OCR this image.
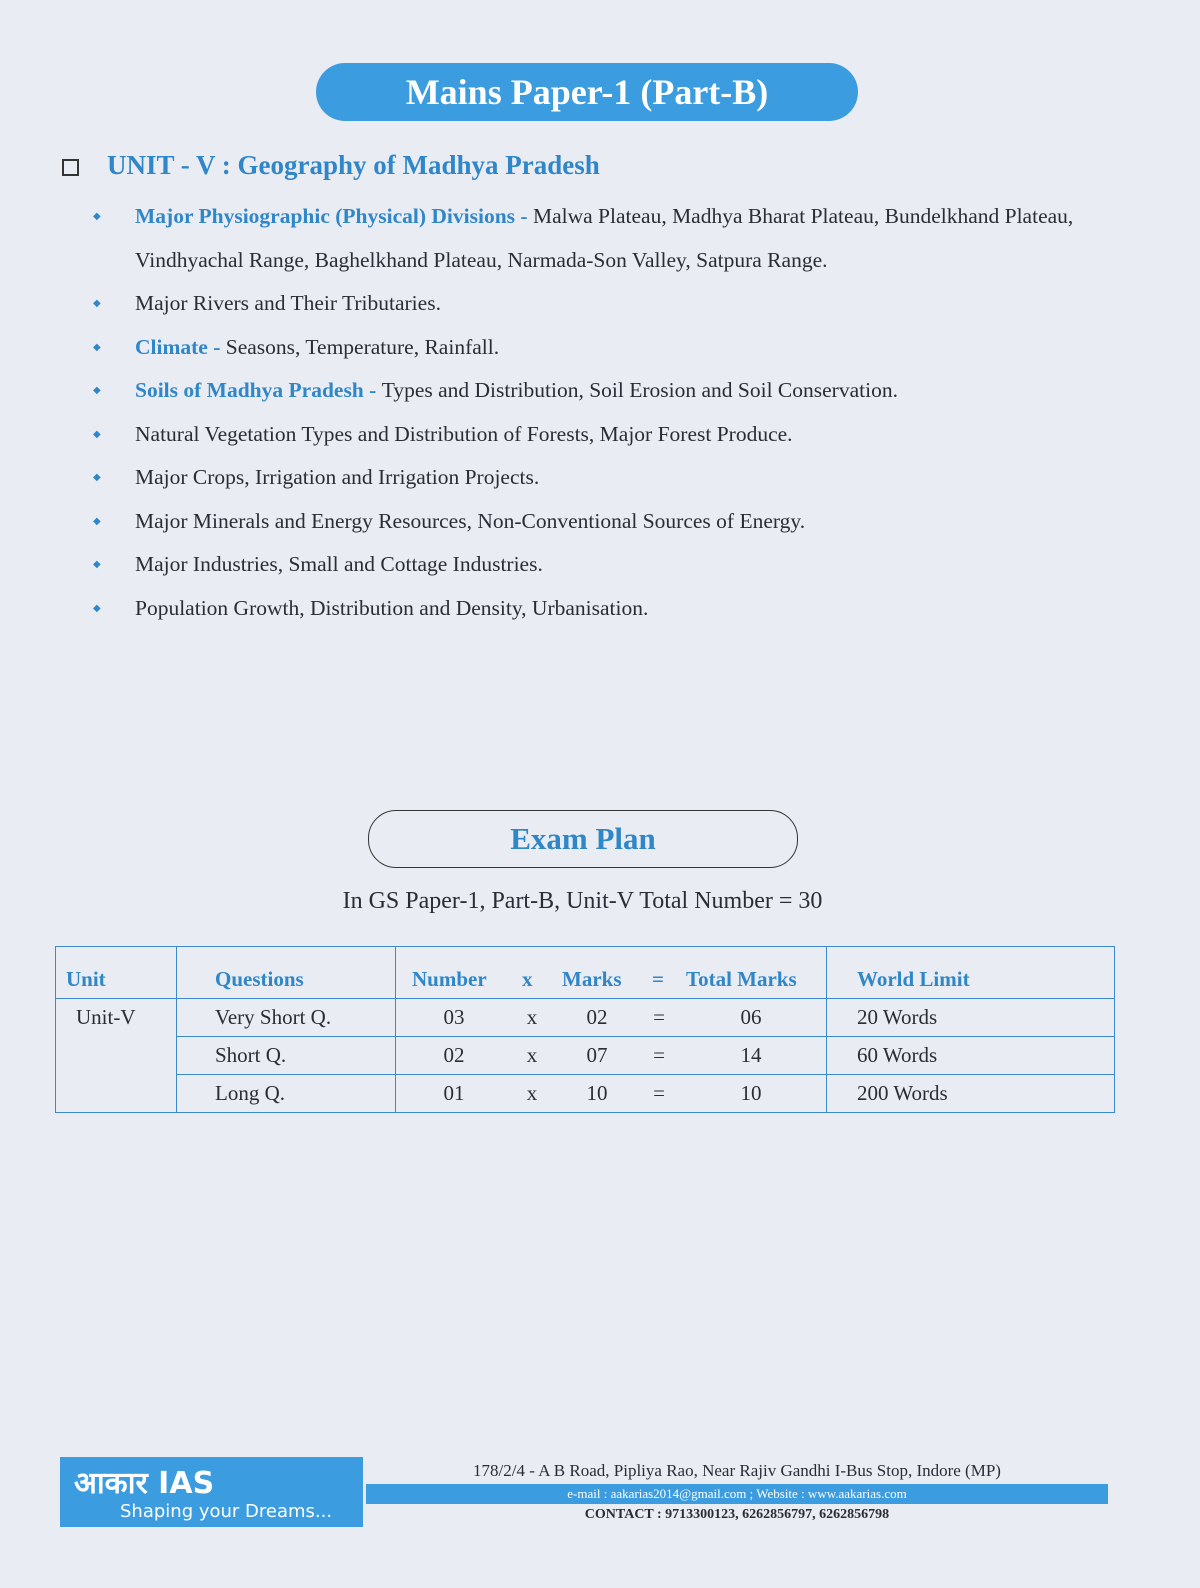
Mains Paper-1 (Part-B)
UNIT - V : Geography of Madhya Pradesh
◆ Major Physiographic (Physical) Divisions - Malwa Plateau, Madhya Bharat Plateau, Bundelkhand Plateau, Vindhyachal Range, Baghelkhand Plateau, Narmada-Son Valley, Satpura Range.
◆ Major Rivers and Their Tributaries.
◆ Climate - Seasons, Temperature, Rainfall.
◆ Soils of Madhya Pradesh - Types and Distribution, Soil Erosion and Soil Conservation.
◆ Natural Vegetation Types and Distribution of Forests, Major Forest Produce.
◆ Major Crops, Irrigation and Irrigation Projects.
◆ Major Minerals and Energy Resources, Non-Conventional Sources of Energy.
◆ Major Industries, Small and Cottage Industries.
◆ Population Growth, Distribution and Density, Urbanisation.
Exam Plan
In GS Paper-1, Part-B, Unit-V Total Number = 30
Unit	Questions	Number	x	Marks	=	Total Marks	World Limit
Unit-V	Very Short Q.	03	x	02	=	06	20 Words
	Short Q.	02	x	07	=	14	60 Words
	Long Q.	01	x	10	=	10	200 Words
आकार IAS
Shaping your Dreams...
178/2/4 - A B Road, Pipliya Rao, Near Rajiv Gandhi I-Bus Stop, Indore (MP)
e-mail : aakarias2014@gmail.com ; Website : www.aakarias.com
CONTACT : 9713300123, 6262856797, 6262856798
